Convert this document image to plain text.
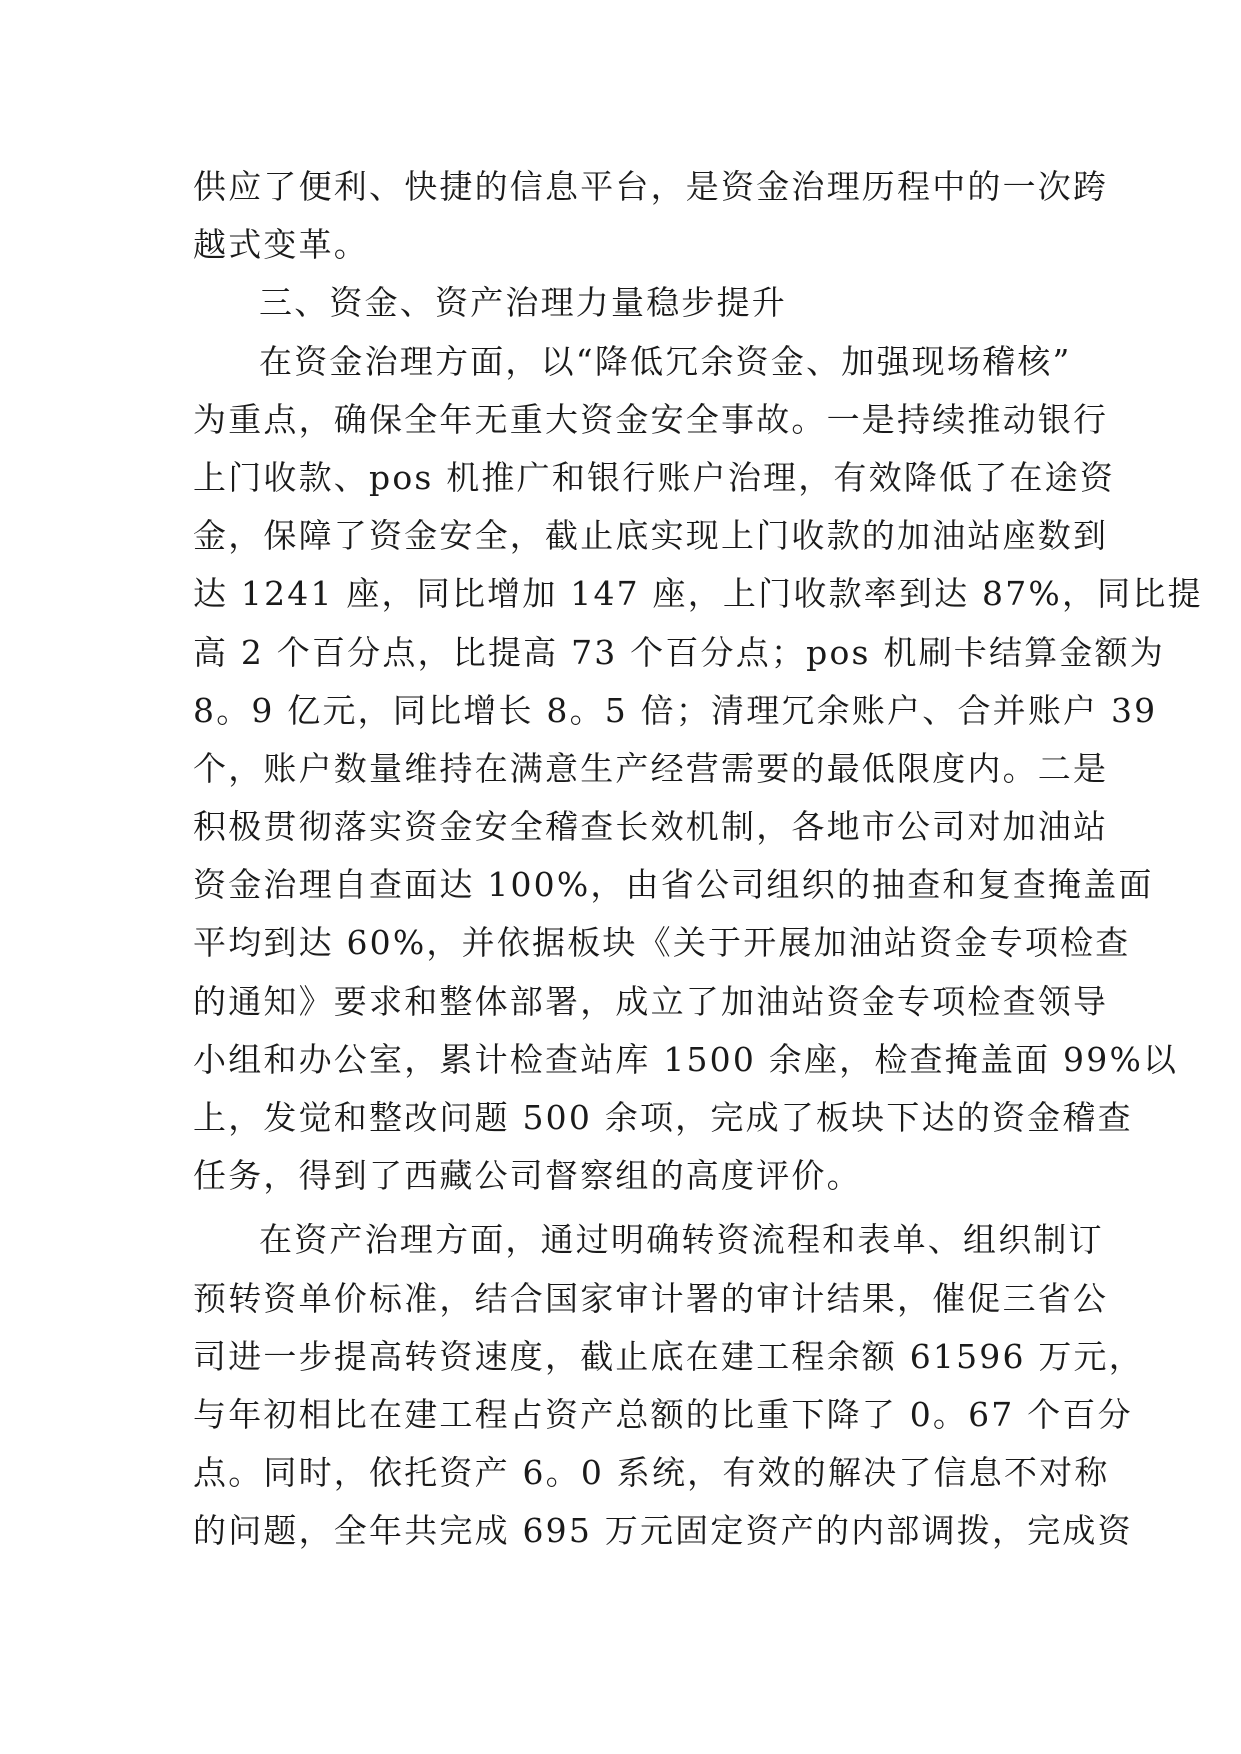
供应了便利、快捷的信息平台，是资金治理历程中的一次跨
越式变革。
三、资金、资产治理力量稳步提升
在资金治理方面，以“降低冗余资金、加强现场稽核”
为重点，确保全年无重大资金安全事故。一是持续推动银行
上门收款、pos 机推广和银行账户治理，有效降低了在途资
金，保障了资金安全，截止底实现上门收款的加油站座数到
达 1241 座，同比增加 147 座，上门收款率到达 87%，同比提
高 2 个百分点，比提高 73 个百分点；pos 机刷卡结算金额为
8。9 亿元，同比增长 8。5 倍；清理冗余账户、合并账户 39
个，账户数量维持在满意生产经营需要的最低限度内。二是
积极贯彻落实资金安全稽查长效机制，各地市公司对加油站
资金治理自查面达 100%，由省公司组织的抽查和复查掩盖面
平均到达 60%，并依据板块《关于开展加油站资金专项检查
的通知》要求和整体部署，成立了加油站资金专项检查领导
小组和办公室，累计检查站库 1500 余座，检查掩盖面 99%以
上，发觉和整改问题 500 余项，完成了板块下达的资金稽查
任务，得到了西藏公司督察组的高度评价。
在资产治理方面，通过明确转资流程和表单、组织制订
预转资单价标准，结合国家审计署的审计结果，催促三省公
司进一步提高转资速度，截止底在建工程余额 61596 万元，
与年初相比在建工程占资产总额的比重下降了 0。67 个百分
点。同时，依托资产 6。0 系统，有效的解决了信息不对称
的问题，全年共完成 695 万元固定资产的内部调拨，完成资
